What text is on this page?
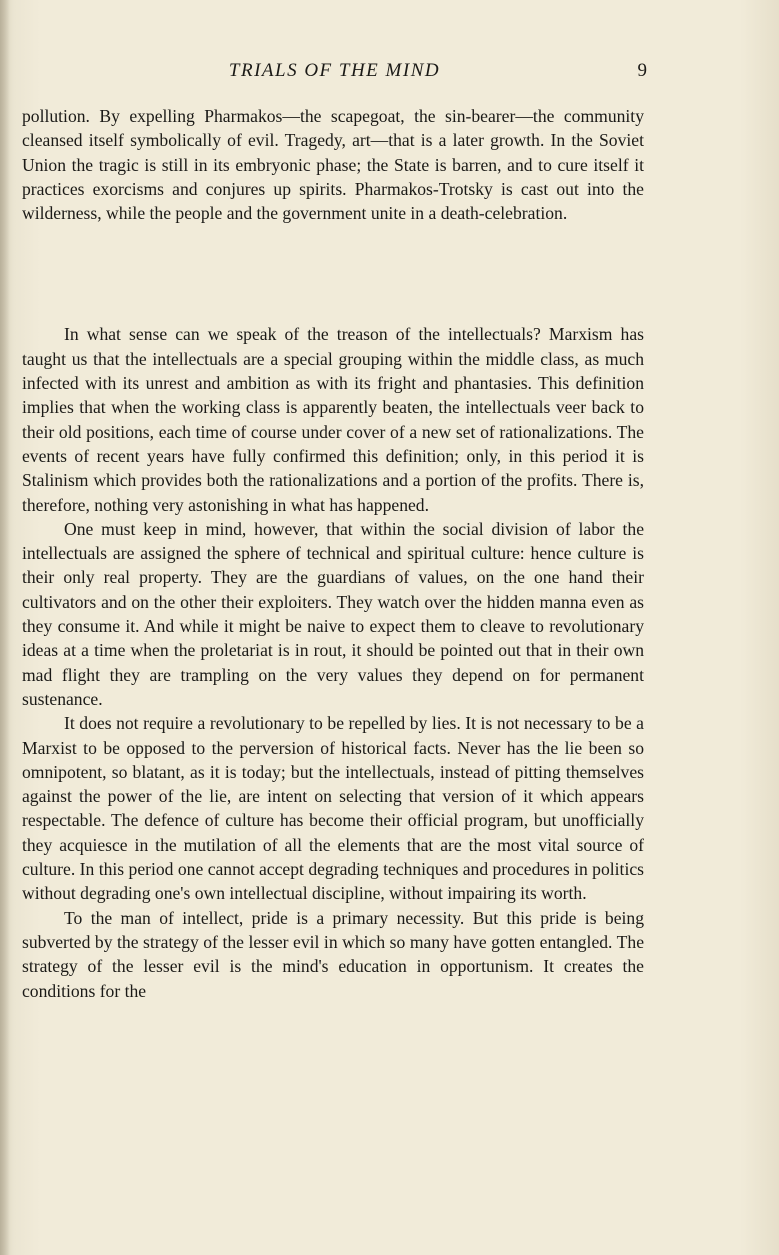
TRIALS OF THE MIND	9

pollution. By expelling Pharmakos—the scapegoat, the sin-bearer—the community cleansed itself symbolically of evil. Tragedy, art—that is a later growth. In the Soviet Union the tragic is still in its embryonic phase; the State is barren, and to cure itself it practices exorcisms and conjures up spirits. Pharmakos-Trotsky is cast out into the wilderness, while the people and the government unite in a death-celebration.

In what sense can we speak of the treason of the intellectuals? Marxism has taught us that the intellectuals are a special grouping within the middle class, as much infected with its unrest and ambition as with its fright and phantasies. This definition implies that when the working class is apparently beaten, the intellectuals veer back to their old positions, each time of course under cover of a new set of rationalizations. The events of recent years have fully confirmed this definition; only, in this period it is Stalinism which provides both the rationalizations and a portion of the profits. There is, therefore, nothing very astonishing in what has happened.

One must keep in mind, however, that within the social division of labor the intellectuals are assigned the sphere of technical and spiritual culture: hence culture is their only real property. They are the guardians of values, on the one hand their cultivators and on the other their exploiters. They watch over the hidden manna even as they consume it. And while it might be naive to expect them to cleave to revolutionary ideas at a time when the proletariat is in rout, it should be pointed out that in their own mad flight they are trampling on the very values they depend on for permanent sustenance.

It does not require a revolutionary to be repelled by lies. It is not necessary to be a Marxist to be opposed to the perversion of historical facts. Never has the lie been so omnipotent, so blatant, as it is today; but the intellectuals, instead of pitting themselves against the power of the lie, are intent on selecting that version of it which appears respectable. The defence of culture has become their official program, but unofficially they acquiesce in the mutilation of all the elements that are the most vital source of culture. In this period one cannot accept degrading techniques and procedures in politics without degrading one's own intellectual discipline, without impairing its worth.

To the man of intellect, pride is a primary necessity. But this pride is being subverted by the strategy of the lesser evil in which so many have gotten entangled. The strategy of the lesser evil is the mind's education in opportunism. It creates the conditions for the
